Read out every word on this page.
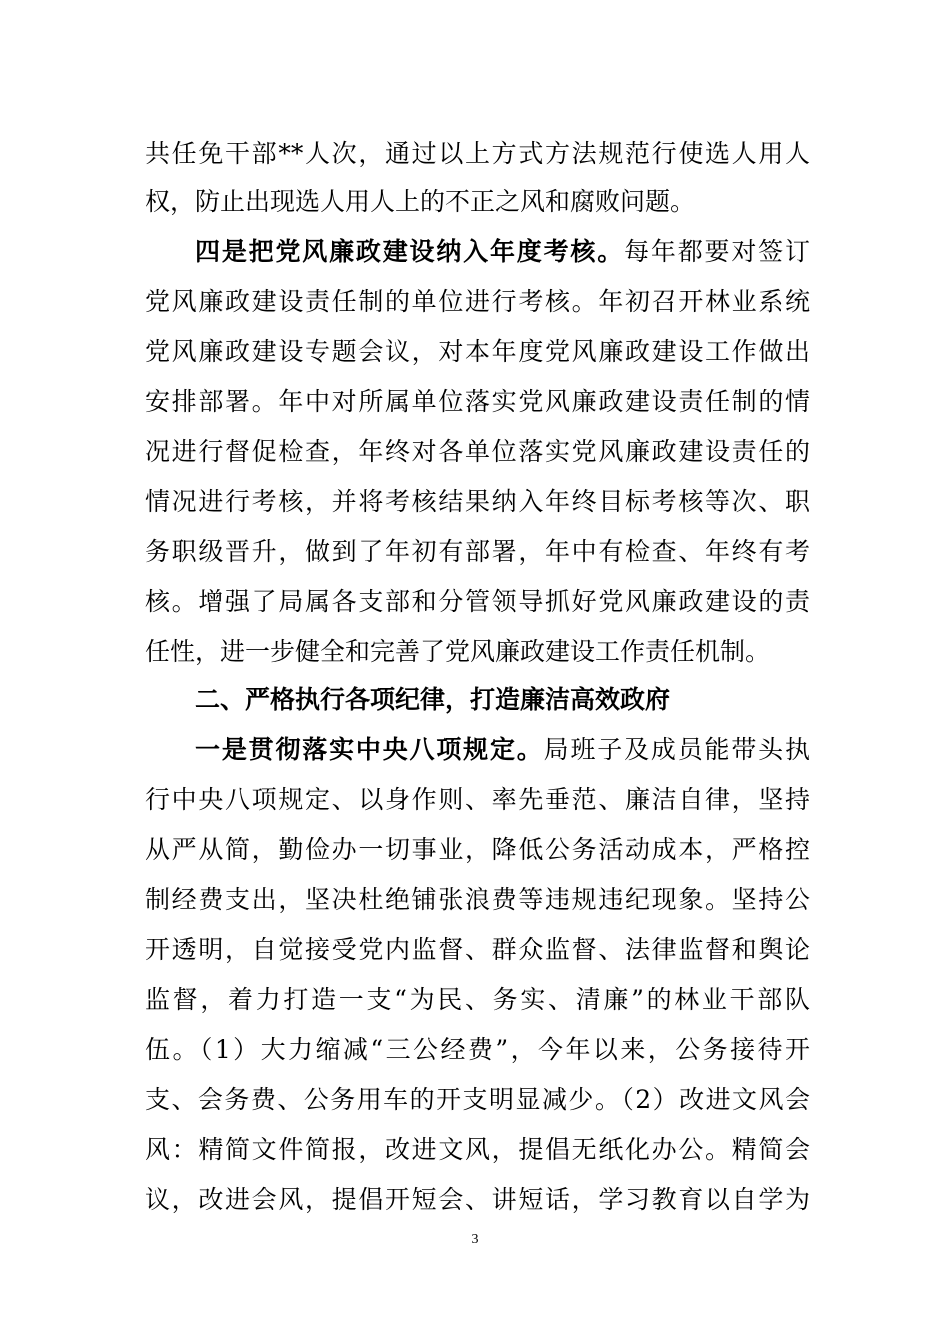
共任免干部**人次，通过以上方式方法规范行使选人用人
权，防止出现选人用人上的不正之风和腐败问题。
四是把党风廉政建设纳入年度考核。每年都要对签订
党风廉政建设责任制的单位进行考核。年初召开林业系统
党风廉政建设专题会议，对本年度党风廉政建设工作做出
安排部署。年中对所属单位落实党风廉政建设责任制的情
况进行督促检查，年终对各单位落实党风廉政建设责任的
情况进行考核，并将考核结果纳入年终目标考核等次、职
务职级晋升，做到了年初有部署，年中有检查、年终有考
核。增强了局属各支部和分管领导抓好党风廉政建设的责
任性，进一步健全和完善了党风廉政建设工作责任机制。
二、严格执行各项纪律，打造廉洁高效政府
一是贯彻落实中央八项规定。局班子及成员能带头执
行中央八项规定、以身作则、率先垂范、廉洁自律，坚持
从严从简，勤俭办一切事业，降低公务活动成本，严格控
制经费支出，坚决杜绝铺张浪费等违规违纪现象。坚持公
开透明，自觉接受党内监督、群众监督、法律监督和舆论
监督，着力打造一支“为民、务实、清廉”的林业干部队
伍。（1）大力缩减“三公经费”，今年以来，公务接待开
支、会务费、公务用车的开支明显减少。（2）改进文风会
风：精简文件简报，改进文风，提倡无纸化办公。精简会
议，改进会风，提倡开短会、讲短话，学习教育以自学为
3
